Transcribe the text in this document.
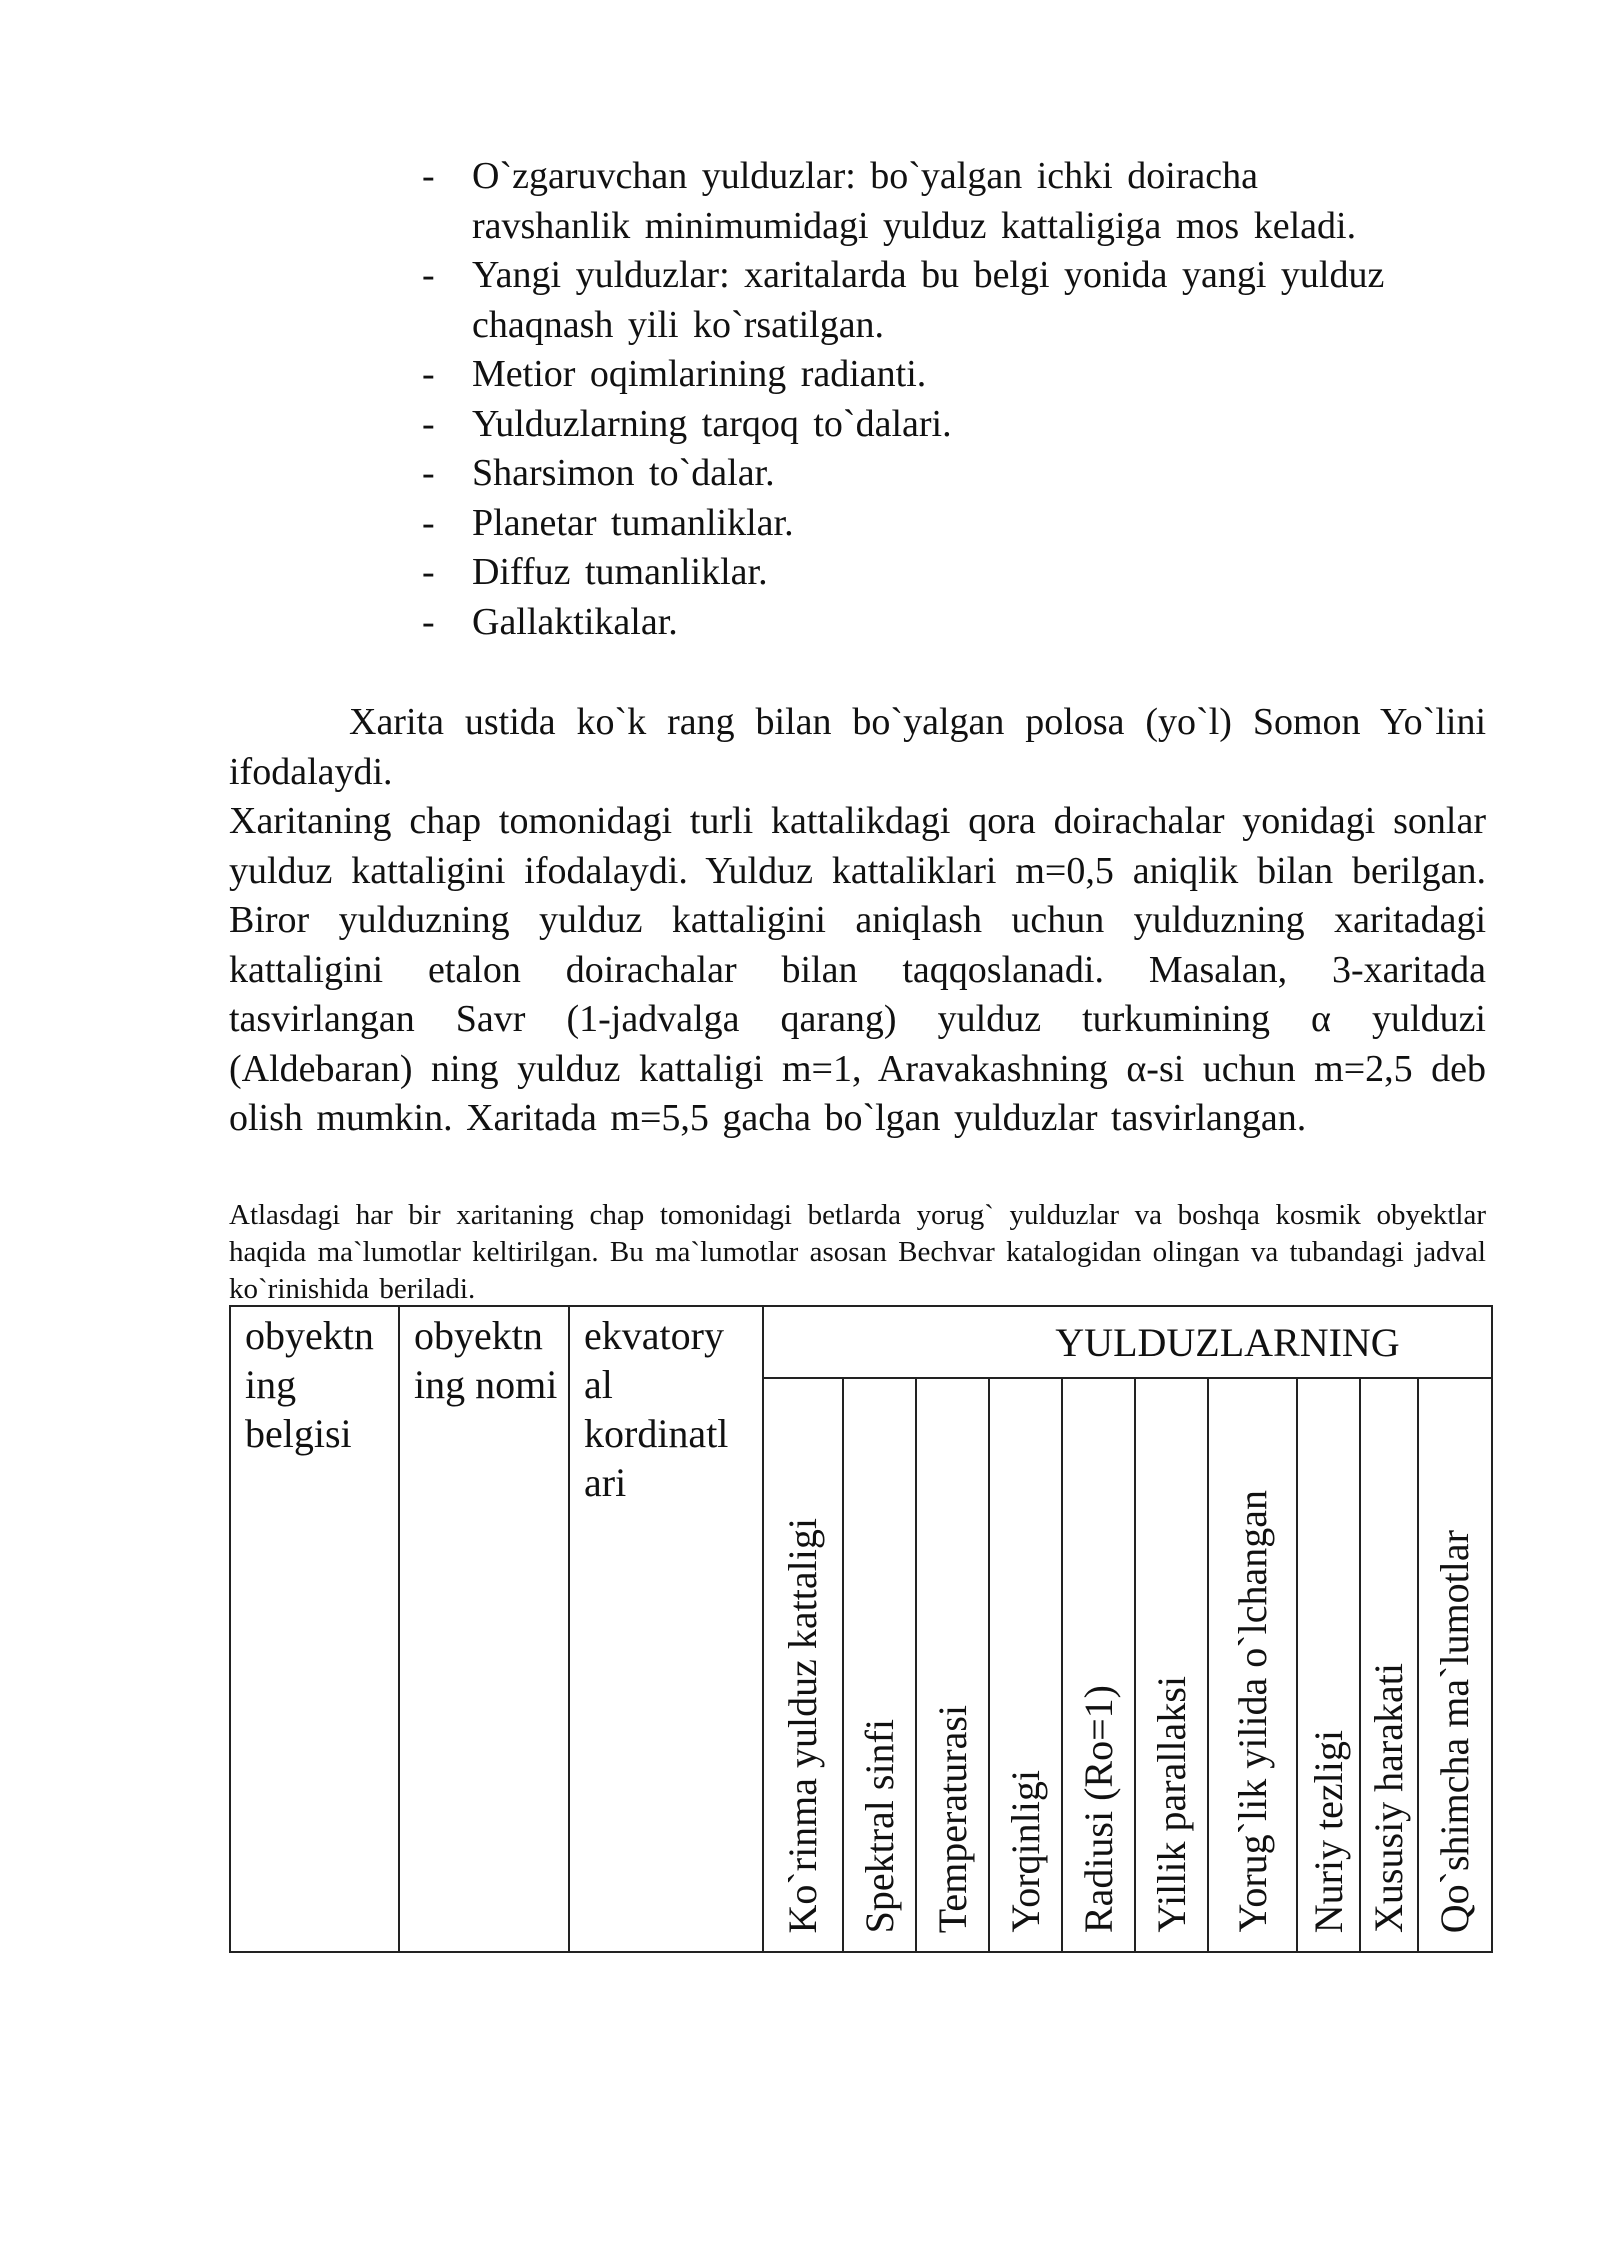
- O`zgaruvchan yulduzlar: bo`yalgan ichki doiracha ravshanlik minimumidagi yulduz kattaligiga mos keladi.
- Yangi yulduzlar: xaritalarda bu belgi yonida yangi yulduz chaqnash yili ko`rsatilgan.
- Metior oqimlarining radianti.
- Yulduzlarning tarqoq to`dalari.
- Sharsimon to`dalar.
- Planetar tumanliklar.
- Diffuz tumanliklar.
- Gallaktikalar.

Xarita ustida ko`k rang bilan bo`yalgan polosa (yo`l) Somon Yo`lini ifodalaydi.

Xaritaning chap tomonidagi turli kattalikdagi qora doirachalar yonidagi sonlar yulduz kattaligini ifodalaydi. Yulduz kattaliklari m=0,5 aniqlik bilan berilgan. Biror yulduzning yulduz kattaligini aniqlash uchun yulduzning xaritadagi kattaligini etalon doirachalar bilan taqqoslanadi. Masalan, 3-xaritada tasvirlangan Savr (1-jadvalga qarang) yulduz turkumining α yulduzi (Aldebaran) ning yulduz kattaligi m=1, Aravakashning α-si uchun m=2,5 deb olish mumkin. Xaritada m=5,5 gacha bo`lgan yulduzlar tasvirlangan.

Atlasdagi har bir xaritaning chap tomonidagi betlarda yorug` yulduzlar va boshqa kosmik obyektlar haqida ma`lumotlar keltirilgan. Bu ma`lumotlar asosan Bechvar katalogidan olingan va tubandagi jadval ko`rinishida beriladi.

obyektn ing belgisi	obyektn ing nomi	ekvatory al kordinatl ari	YULDUZLARNING									

			Ko`rinma yulduz kattaligi	Spektral sinfi	Temperaturasi	Yorqinligi	Radiusi (Ro=1)	Yillik parallaksi	Yorug`lik yilida o`lchangan	Nuriy tezligi	Xususiy harakati	Qo`shimcha ma`lumotlar
